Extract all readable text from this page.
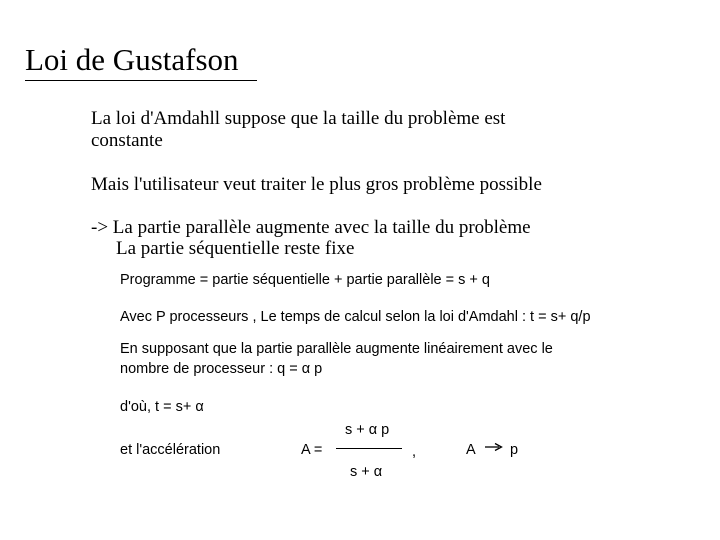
Loi de Gustafson
La loi d'Amdahll suppose que la taille du problème est
constante
Mais l'utilisateur veut traiter le plus gros problème possible
-> La partie parallèle augmente avec la taille du problème
La partie séquentielle reste fixe
Programme = partie séquentielle + partie parallèle = s + q
Avec P processeurs , Le temps de calcul selon la loi d'Amdahl : t = s+ q/p
En supposant que la partie parallèle augmente linéairement avec le
nombre de processeur : q = α p
d'où, t = s+ α
et l'accélération	A =
s + α p
s + α
,	A p
